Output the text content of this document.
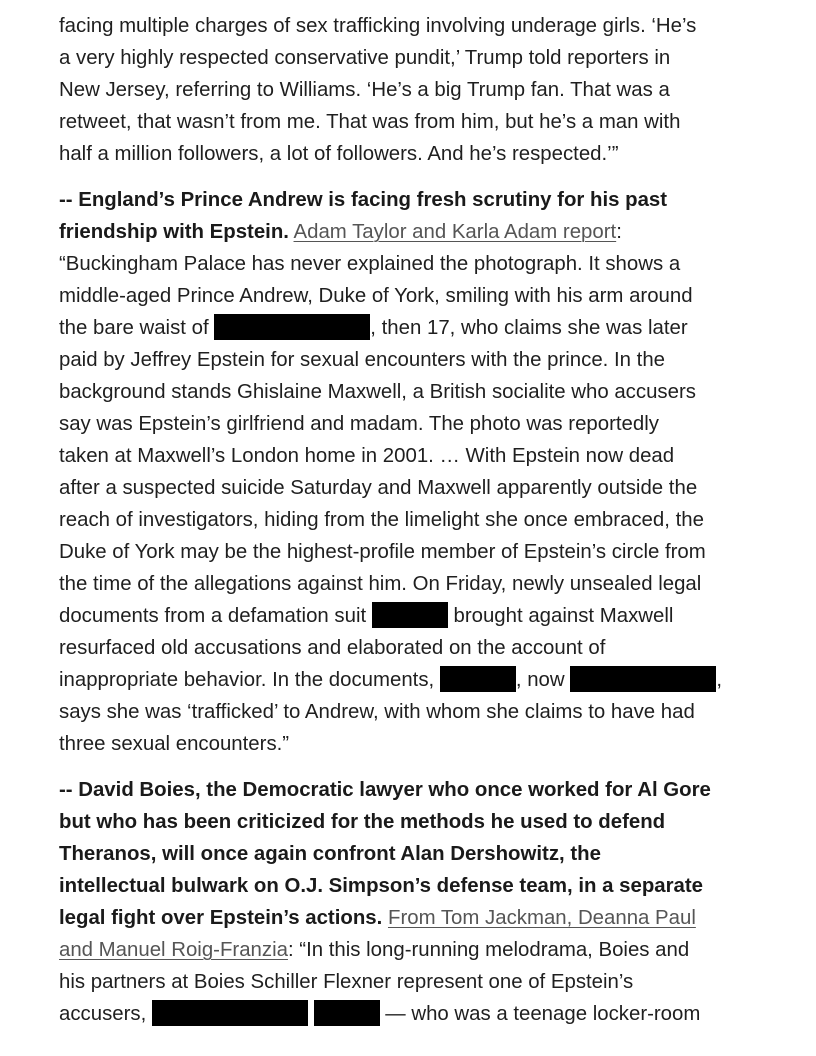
facing multiple charges of sex trafficking involving underage girls. ‘He’s
a very highly respected conservative pundit,’ Trump told reporters in
New Jersey, referring to Williams. ‘He’s a big Trump fan. That was a
retweet, that wasn’t from me. That was from him, but he’s a man with
half a million followers, a lot of followers. And he’s respected.’”
-- England’s Prince Andrew is facing fresh scrutiny for his past
friendship with Epstein. Adam Taylor and Karla Adam report:
“Buckingham Palace has never explained the photograph. It shows a
middle-aged Prince Andrew, Duke of York, smiling with his arm around
the bare waist of	, then 17, who claims she was later
paid by Jeffrey Epstein for sexual encounters with the prince. In the
background stands Ghislaine Maxwell, a British socialite who accusers
say was Epstein’s girlfriend and madam. The photo was reportedly
taken at Maxwell’s London home in 2001. … With Epstein now dead
after a suspected suicide Saturday and Maxwell apparently outside the
reach of investigators, hiding from the limelight she once embraced, the
Duke of York may be the highest-profile member of Epstein’s circle from
the time of the allegations against him. On Friday, newly unsealed legal
documents from a defamation suit	brought against Maxwell
resurfaced old accusations and elaborated on the account of
inappropriate behavior. In the documents,	, now	,
says she was ‘trafficked’ to Andrew, with whom she claims to have had
three sexual encounters.”
-- David Boies, the Democratic lawyer who once worked for Al Gore
but who has been criticized for the methods he used to defend
Theranos, will once again confront Alan Dershowitz, the
intellectual bulwark on O.J. Simpson’s defense team, in a separate
legal fight over Epstein’s actions. From Tom Jackman, Deanna Paul
and Manuel Roig-Franzia: “In this long-running melodrama, Boies and
his partners at Boies Schiller Flexner represent one of Epstein’s
accusers,	— who was a teenage locker-room
